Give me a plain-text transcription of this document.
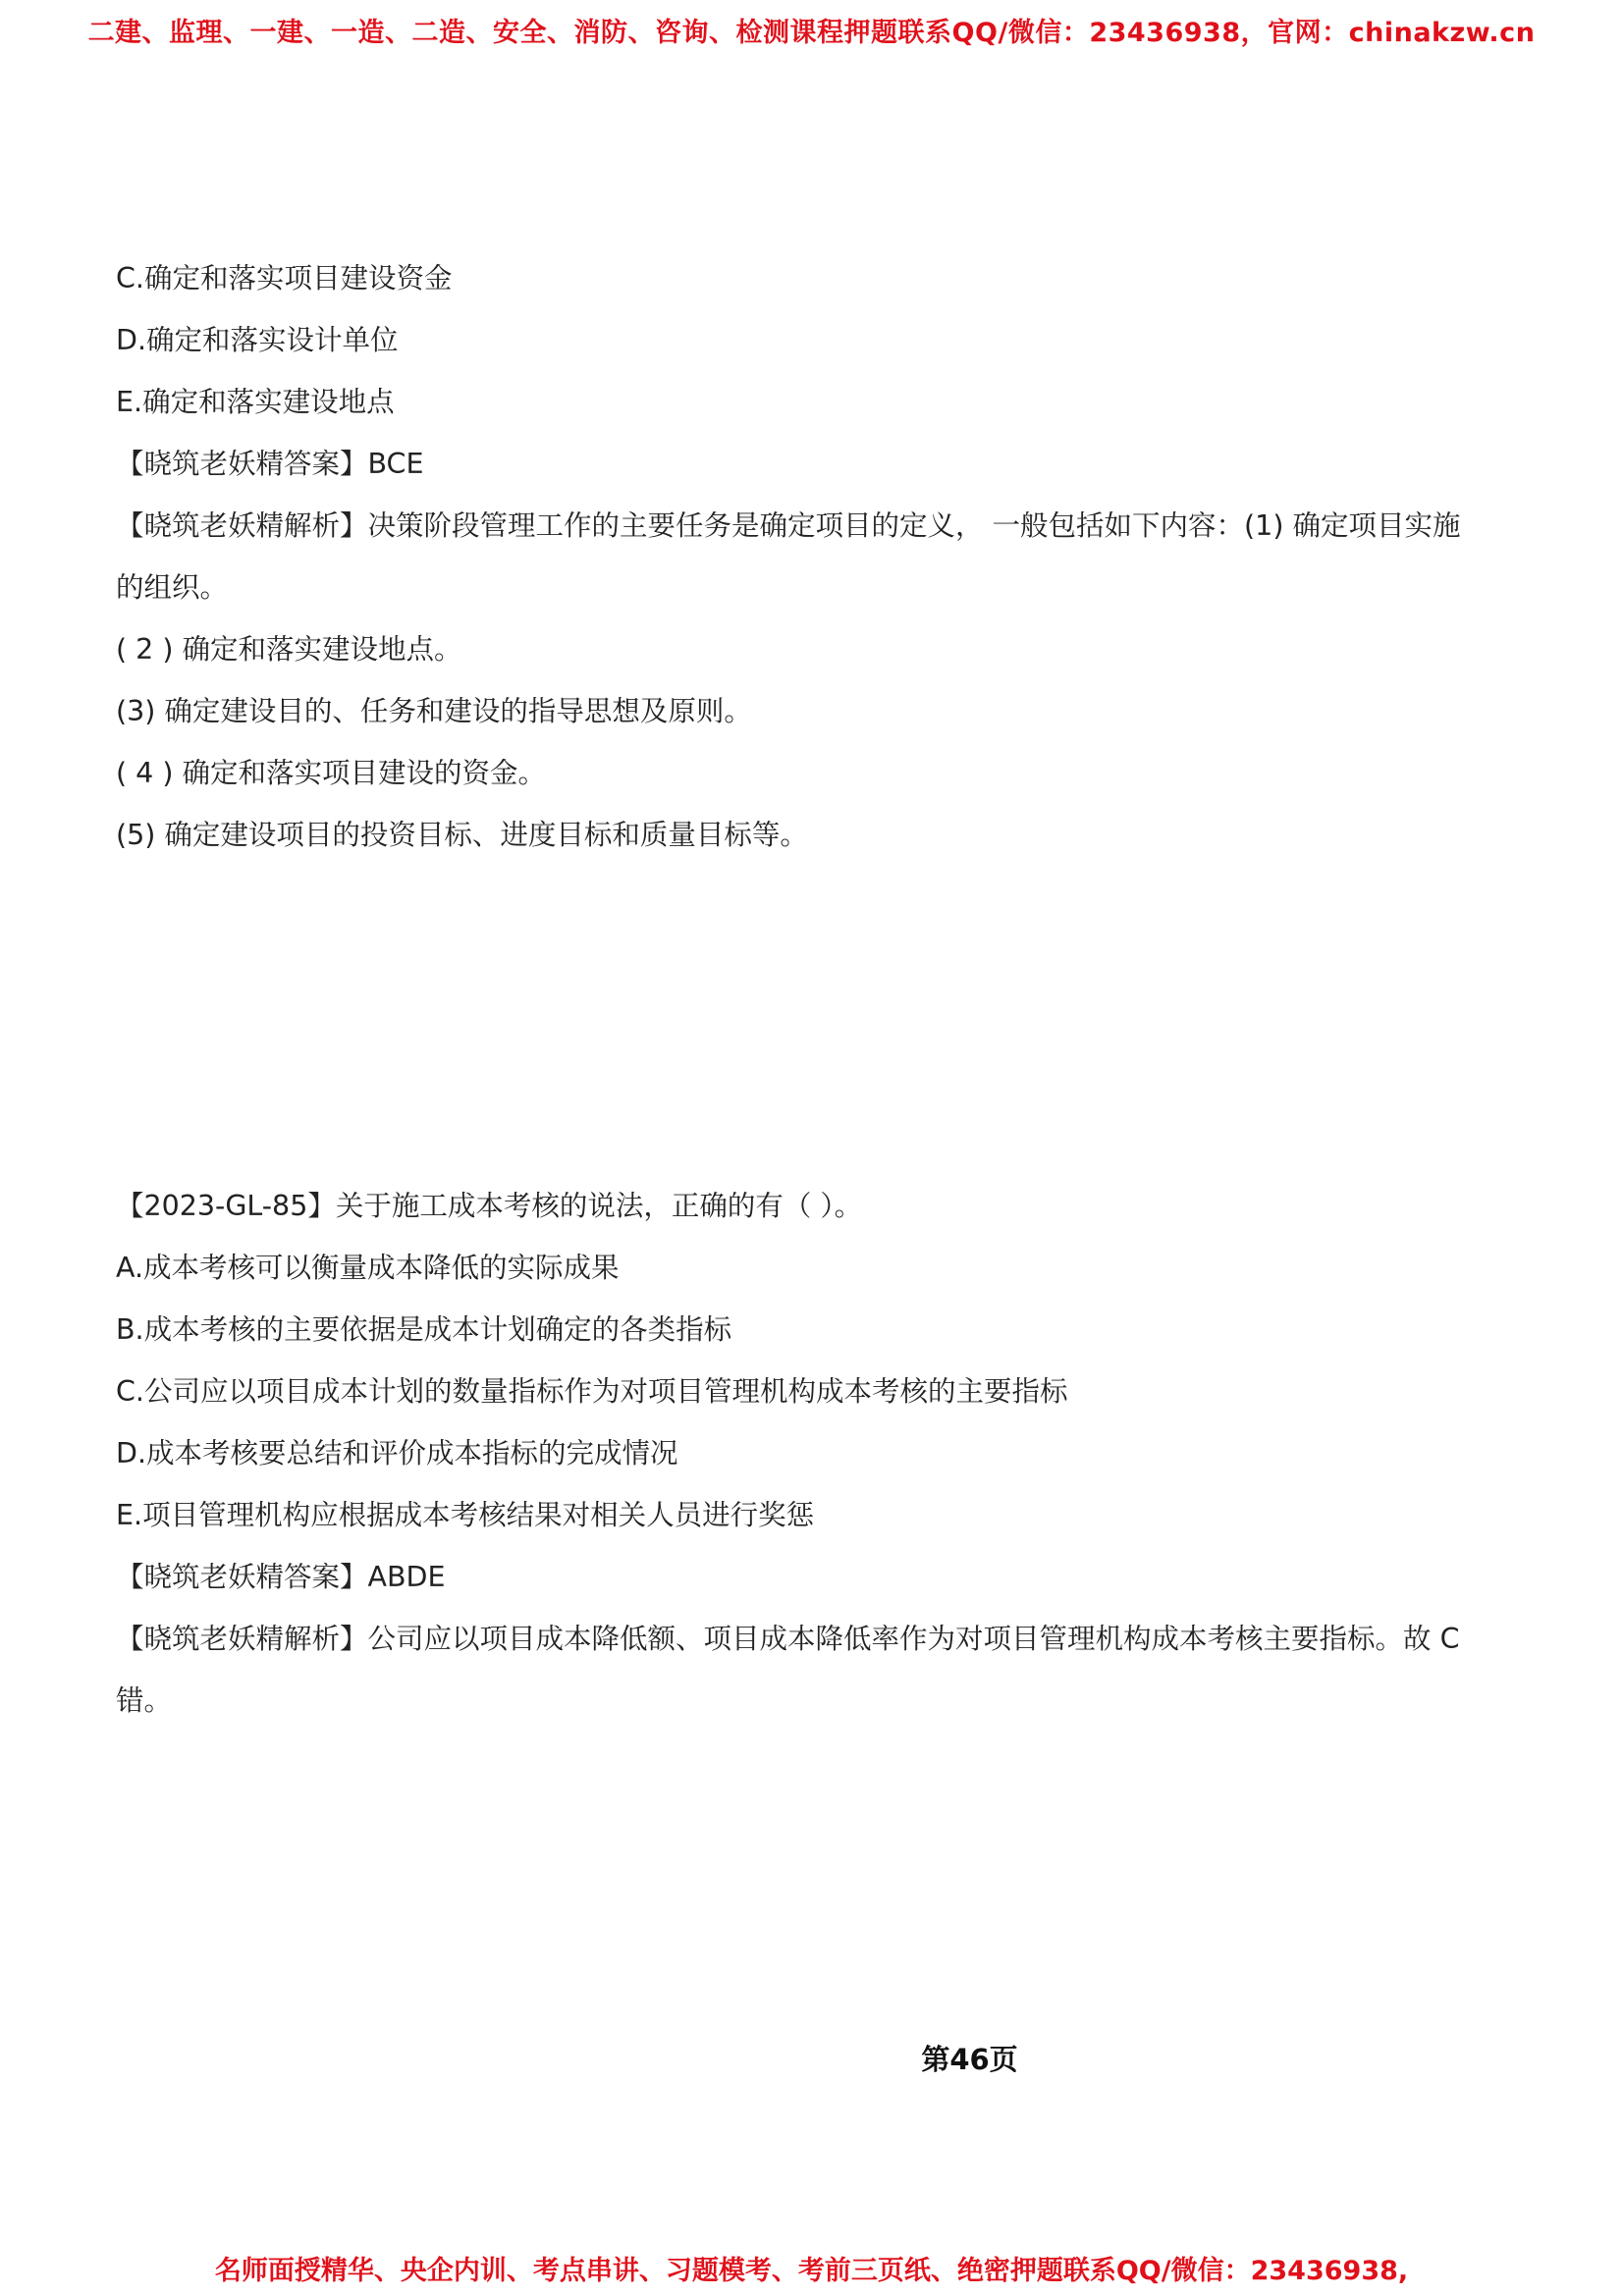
二建、监理、一建、一造、二造、安全、消防、咨询、检测课程押题联系QQ/微信：23436938，官网：chinakzw.cn
C.确定和落实项目建设资金
D.确定和落实设计单位
E.确定和落实建设地点
【晓筑老妖精答案】BCE
【晓筑老妖精解析】决策阶段管理工作的主要任务是确定项目的定义， 一般包括如下内容：(1) 确定项目实施
的组织。
( 2 ) 确定和落实建设地点。
(3) 确定建设目的、任务和建设的指导思想及原则。
( 4 ) 确定和落实项目建设的资金。
(5) 确定建设项目的投资目标、进度目标和质量目标等。
【2023-GL-85】关于施工成本考核的说法，正确的有（ ）。
A.成本考核可以衡量成本降低的实际成果
B.成本考核的主要依据是成本计划确定的各类指标
C.公司应以项目成本计划的数量指标作为对项目管理机构成本考核的主要指标
D.成本考核要总结和评价成本指标的完成情况
E.项目管理机构应根据成本考核结果对相关人员进行奖惩
【晓筑老妖精答案】ABDE
【晓筑老妖精解析】公司应以项目成本降低额、项目成本降低率作为对项目管理机构成本考核主要指标。故 C
错。
第46页
名师面授精华、央企内训、考点串讲、习题模考、考前三页纸、绝密押题联系QQ/微信：23436938,
